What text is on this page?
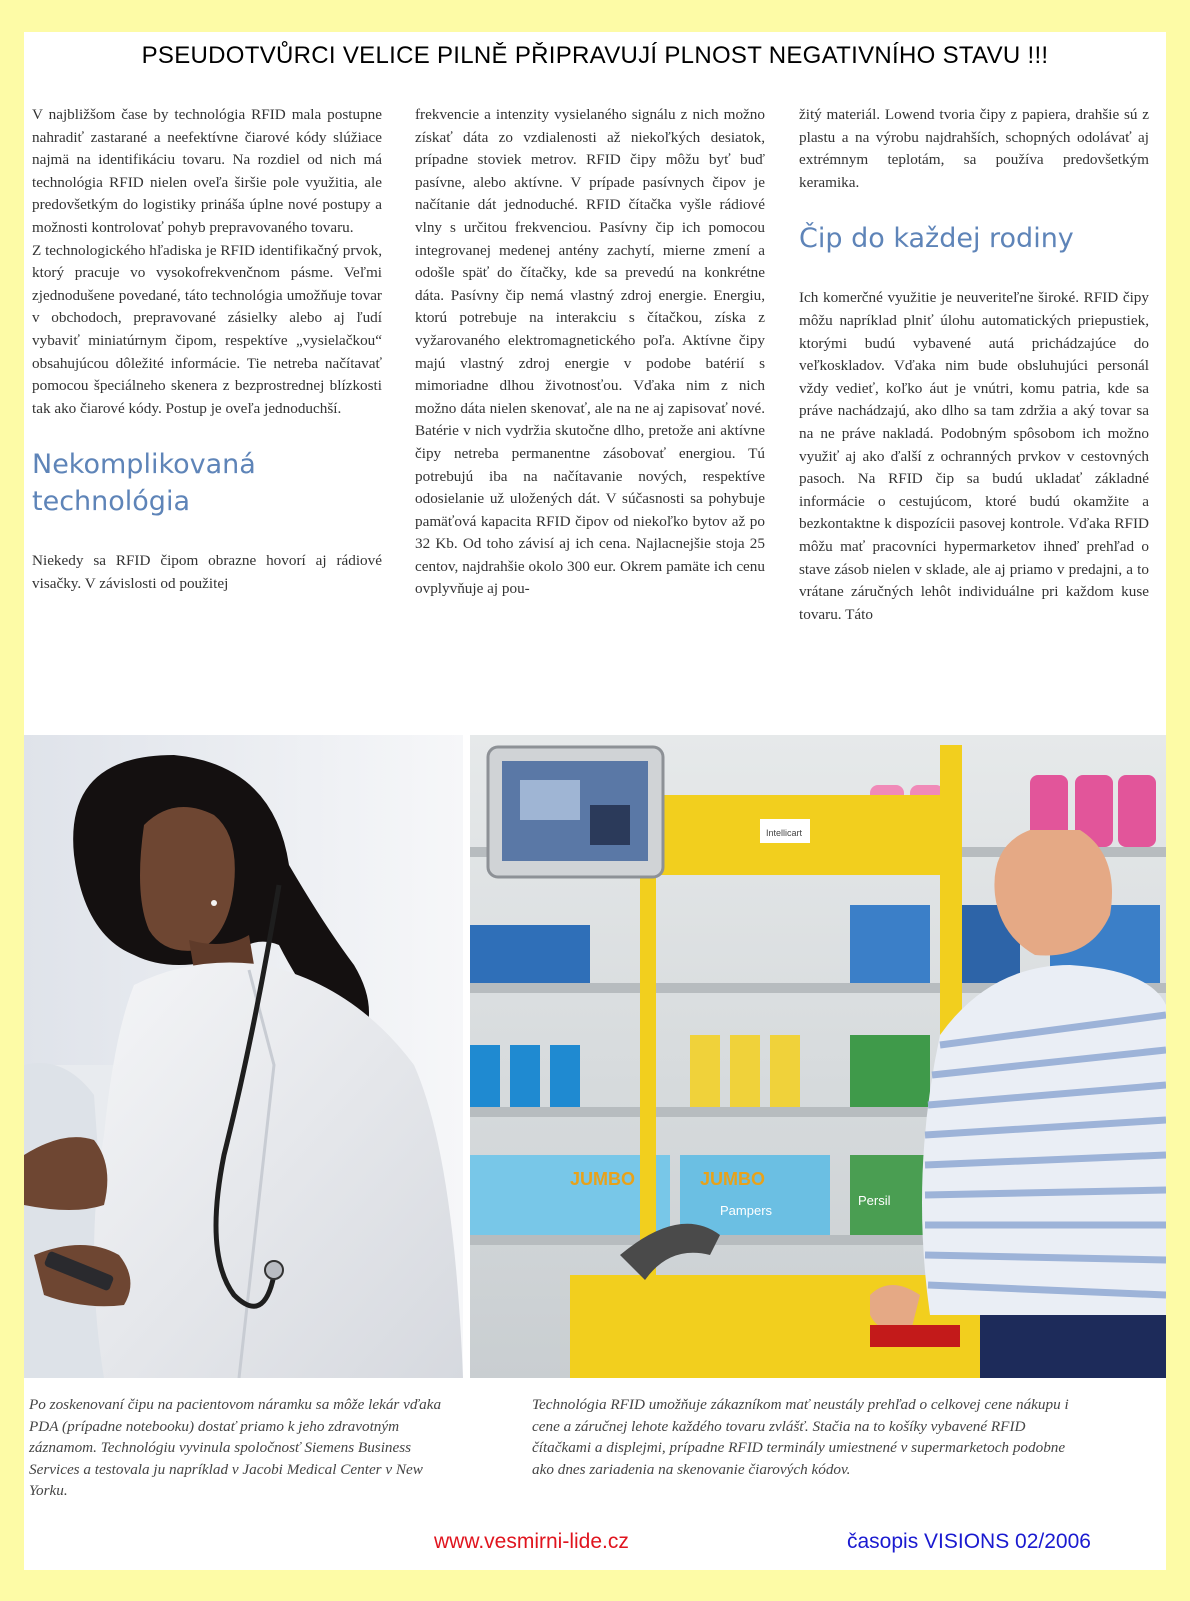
PSEUDOTVŮRCI VELICE PILNĚ PŘIPRAVUJÍ PLNOST NEGATIVNÍHO STAVU !!!

V najbližšom čase by technológia RFID mala postupne nahradiť zastarané a neefektívne čiarové kódy slúžiace najmä na identifikáciu tovaru. Na rozdiel od nich má technológia RFID nielen oveľa širšie pole využitia, ale predovšetkým do logistiky prináša úplne nové postupy a možnosti kontrolovať pohyb prepravovaného tovaru.

Z technologického hľadiska je RFID identifikačný prvok, ktorý pracuje vo vysokofrekvenčnom pásme. Veľmi zjednodušene povedané, táto technológia umožňuje tovar v obchodoch, prepravované zásielky alebo aj ľudí vybaviť miniatúrnym čipom, respektíve „vysielačkou“ obsahujúcou dôležité informácie. Tie netreba načítavať pomocou špeciálneho skenera z bezprostrednej blízkosti tak ako čiarové kódy. Postup je oveľa jednoduchší.

Nekomplikovaná technológia

Niekedy sa RFID čipom obrazne hovorí aj rádiové visačky. V závislosti od použitej

frekvencie a intenzity vysielaného signálu z nich možno získať dáta zo vzdialenosti až niekoľkých desiatok, prípadne stoviek metrov. RFID čipy môžu byť buď pasívne, alebo aktívne. V prípade pasívnych čipov je načítanie dát jednoduché. RFID čítačka vyšle rádiové vlny s určitou frekvenciou. Pasívny čip ich pomocou integrovanej medenej antény zachytí, mierne zmení a odošle späť do čítačky, kde sa prevedú na konkrétne dáta. Pasívny čip nemá vlastný zdroj energie. Energiu, ktorú potrebuje na interakciu s čítačkou, získa z vyžarovaného elektromagnetického poľa. Aktívne čipy majú vlastný zdroj energie v podobe batérií s mimoriadne dlhou životnosťou. Vďaka nim z nich možno dáta nielen skenovať, ale na ne aj zapisovať nové. Batérie v nich vydržia skutočne dlho, pretože ani aktívne čipy netreba permanentne zásobovať energiou. Tú potrebujú iba na načítavanie nových, respektíve odosielanie už uložených dát. V súčasnosti sa pohybuje pamäťová kapacita RFID čipov od niekoľko bytov až po 32 Kb. Od toho závisí aj ich cena. Najlacnejšie stoja 25 centov, najdrahšie okolo 300 eur. Okrem pamäte ich cenu ovplyvňuje aj pou-

žitý materiál. Lowend tvoria čipy z papiera, drahšie sú z plastu a na výrobu najdrahších, schopných odolávať aj extrémnym teplotám, sa používa predovšetkým keramika.

Čip do každej rodiny

Ich komerčné využitie je neuveriteľne široké. RFID čipy môžu napríklad plniť úlohu automatických priepustiek, ktorými budú vybavené autá prichádzajúce do veľkoskladov. Vďaka nim bude obsluhujúci personál vždy vedieť, koľko áut je vnútri, komu patria, kde sa práve nachádzajú, ako dlho sa tam zdržia a aký tovar sa na ne práve nakladá. Podobným spôsobom ich možno využiť aj ako ďalší z ochranných prvkov v cestovných pasoch. Na RFID čip sa budú ukladať základné informácie o cestujúcom, ktoré budú okamžite a bezkontaktne k dispozícii pasovej kontrole. Vďaka RFID môžu mať pracovníci hypermarketov ihneď prehľad o stave zásob nielen v sklade, ale aj priamo v predajni, a to vrátane záručných lehôt individuálne pri každom kuse tovaru. Táto

JUMBO	JUMBO
Pampers
Persil
Intellicart
Po zoskenovaní čipu na pacientovom náramku sa môže lekár vďaka PDA (prípadne notebooku) dostať priamo k jeho zdravotným záznamom. Technológiu vyvinula spoločnosť Siemens Business Services a testovala ju napríklad v Jacobi Medical Center v New Yorku.
Technológia RFID umožňuje zákazníkom mať neustály prehľad o celkovej cene nákupu i cene a záručnej lehote každého tovaru zvlášť. Stačia na to košíky vybavené RFID čítačkami a displejmi, prípadne RFID terminály umiestnené v supermarketoch podobne ako dnes zariadenia na skenovanie čiarových kódov.
www.vesmirni-lide.cz	časopis VISIONS 02/2006
